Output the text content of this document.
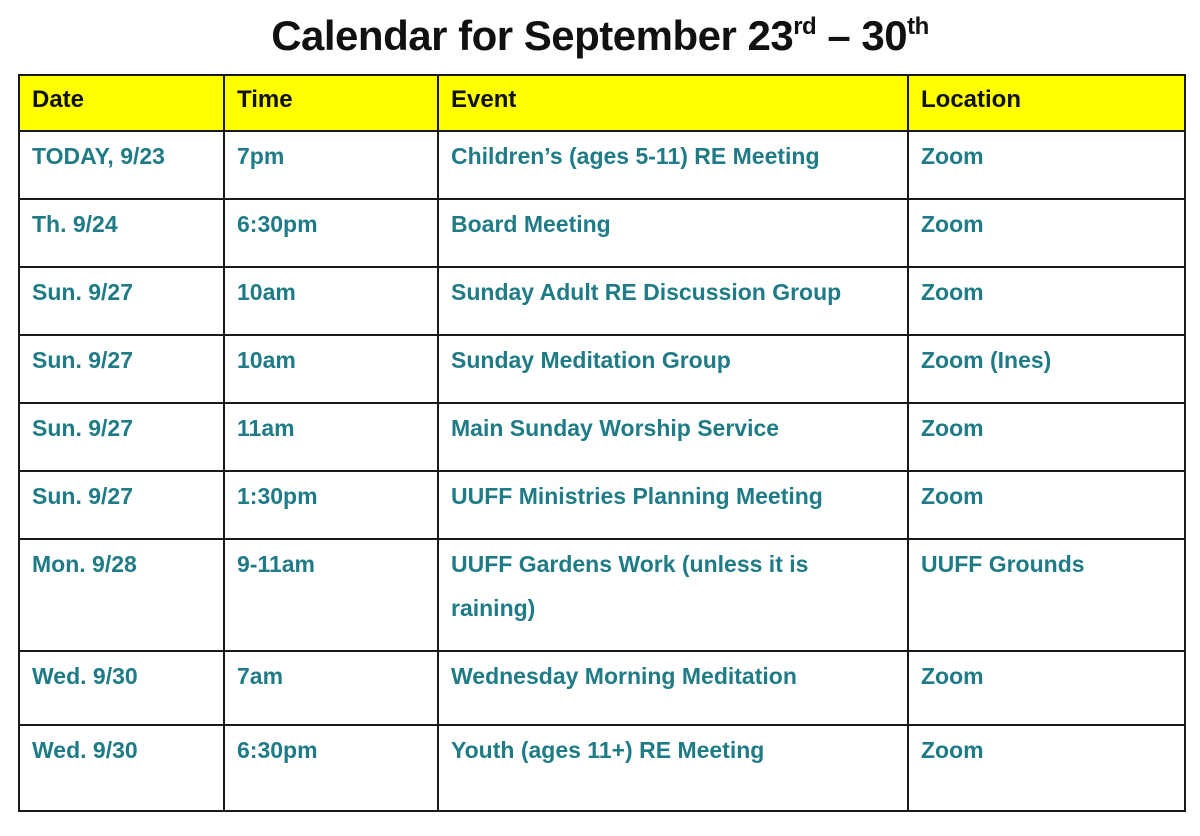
Calendar for September 23rd – 30th
Date	Time	Event	Location
TODAY, 9/23	7pm	Children’s (ages 5-11) RE Meeting	Zoom
Th. 9/24	6:30pm	Board Meeting	Zoom
Sun. 9/27	10am	Sunday Adult RE Discussion Group	Zoom
Sun. 9/27	10am	Sunday Meditation Group	Zoom (Ines)
Sun. 9/27	11am	Main Sunday Worship Service	Zoom
Sun. 9/27	1:30pm	UUFF Ministries Planning Meeting	Zoom
Mon. 9/28	9-11am	UUFF Gardens Work (unless it is raining)	UUFF Grounds
Wed. 9/30	7am	Wednesday Morning Meditation	Zoom
Wed. 9/30	6:30pm	Youth (ages 11+) RE Meeting	Zoom
